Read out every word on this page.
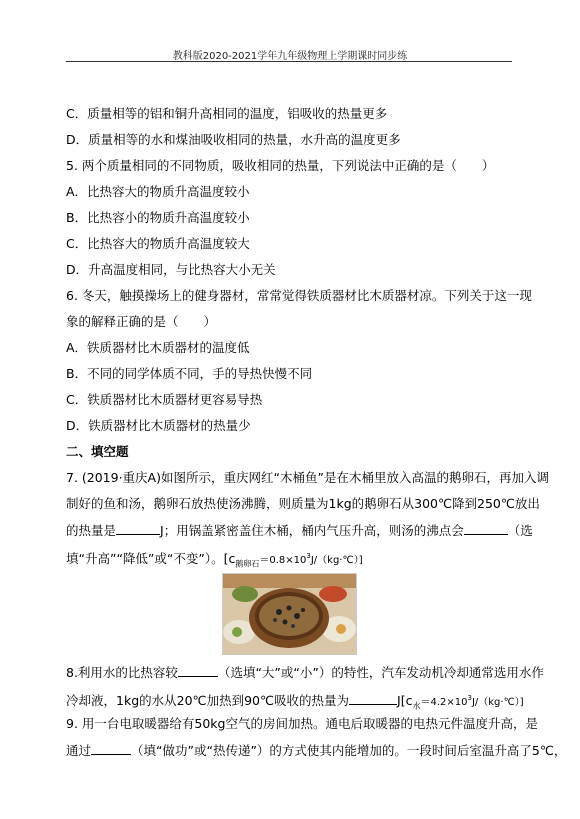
教科版2020-2021学年九年级物理上学期课时同步练
C．质量相等的铝和铜升高相同的温度，铝吸收的热量更多
D．质量相等的水和煤油吸收相同的热量，水升高的温度更多
5. 两个质量相同的不同物质，吸收相同的热量，下列说法中正确的是（　　）
A．比热容大的物质升高温度较小
B．比热容小的物质升高温度较小
C．比热容大的物质升高温度较大
D．升高温度相同，与比热容大小无关
6. 冬天，触摸操场上的健身器材，常常觉得铁质器材比木质器材凉。下列关于这一现
象的解释正确的是（　　）
A．铁质器材比木质器材的温度低
B．不同的同学体质不同，手的导热快慢不同
C．铁质器材比木质器材更容易导热
D．铁质器材比木质器材的热量少
二、填空题
7. (2019·重庆A)如图所示，重庆网红“木桶鱼”是在木桶里放入高温的鹅卵石，再加入调
制好的鱼和汤，鹅卵石放热使汤沸腾，则质量为1kg的鹅卵石从300℃降到250℃放出
的热量是	J；用锅盖紧密盖住木桶，桶内气压升高，则汤的沸点会	（选
填“升高”“降低”或“不变”）。$[c_{鹅卵石}=0.8\times 10^3J/(kg\cdot℃)]$
8.利用水的比热容较	（选填“大”或“小”）的特性，汽车发动机冷却通常选用水作
冷却液，1kg的水从20℃加热到90℃吸收的热量为	$J[c_水=4.2\times 10^3J/(kg\cdot℃)]$
9. 用一台电取暖器给有50kg空气的房间加热。通电后取暖器的电热元件温度升高，是
通过	（填“做功”或“热传递”）的方式使其内能增加的。一段时间后室温升高了5℃，
